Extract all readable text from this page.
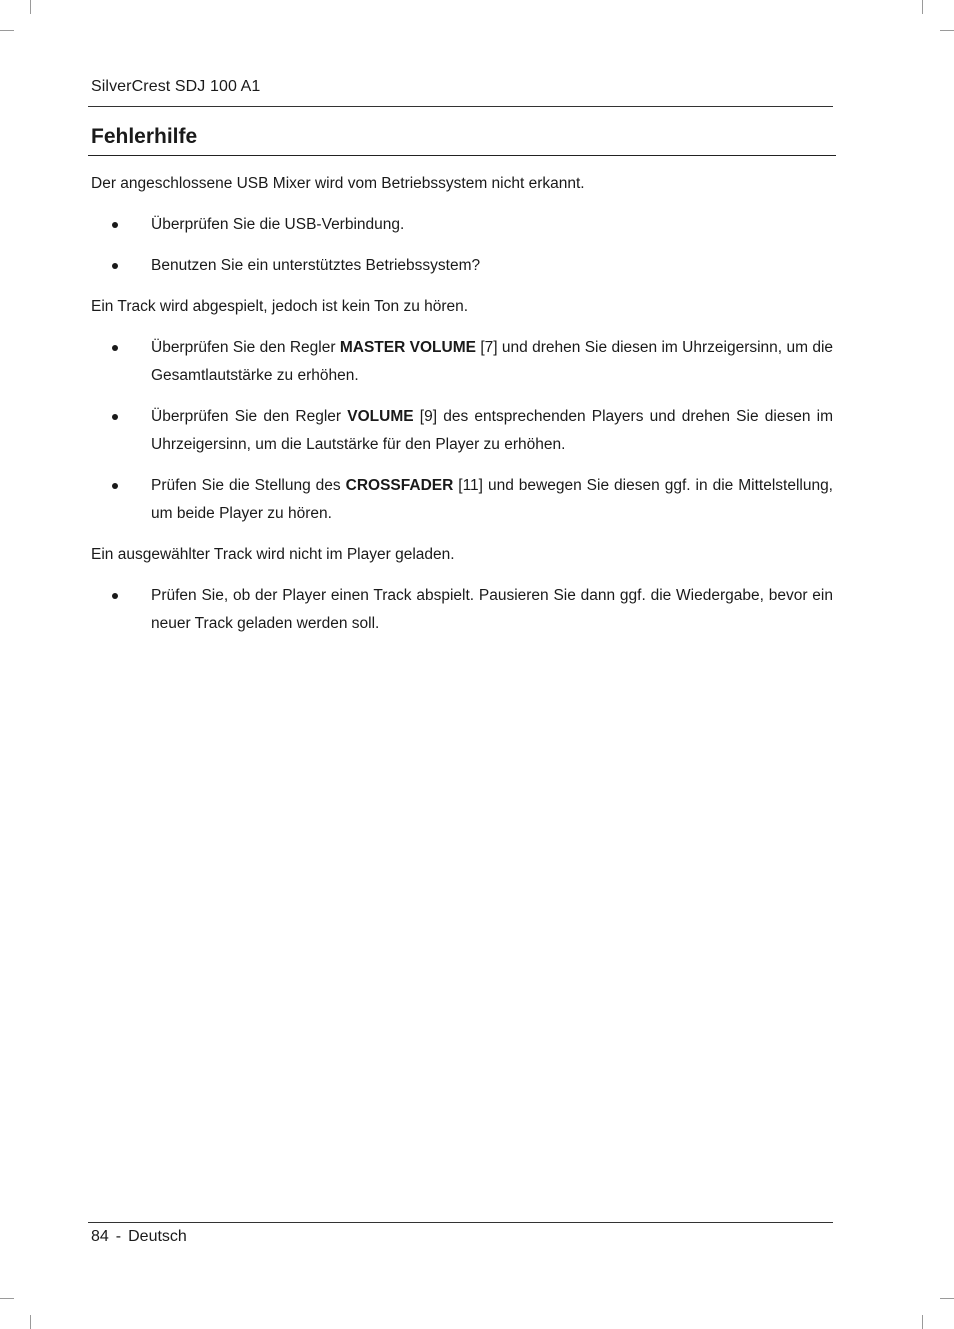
SilverCrest SDJ 100 A1
Fehlerhilfe

Der angeschlossene USB Mixer wird vom Betriebssystem nicht erkannt.

Überprüfen Sie die USB-Verbindung.
Benutzen Sie ein unterstütztes Betriebssystem?

Ein Track wird abgespielt, jedoch ist kein Ton zu hören.

Überprüfen Sie den Regler MASTER VOLUME [7] und drehen Sie diesen im Uhrzeigersinn, um die Gesamtlautstärke zu erhöhen.
Überprüfen Sie den Regler VOLUME [9] des entsprechenden Players und drehen Sie diesen im Uhrzeigersinn, um die Lautstärke für den Player zu erhöhen.
Prüfen Sie die Stellung des CROSSFADER [11] und bewegen Sie diesen ggf. in die Mittelstellung, um beide Player zu hören.

Ein ausgewählter Track wird nicht im Player geladen.

Prüfen Sie, ob der Player einen Track abspielt. Pausieren Sie dann ggf. die Wiedergabe, bevor ein neuer Track geladen werden soll.
84 - Deutsch
